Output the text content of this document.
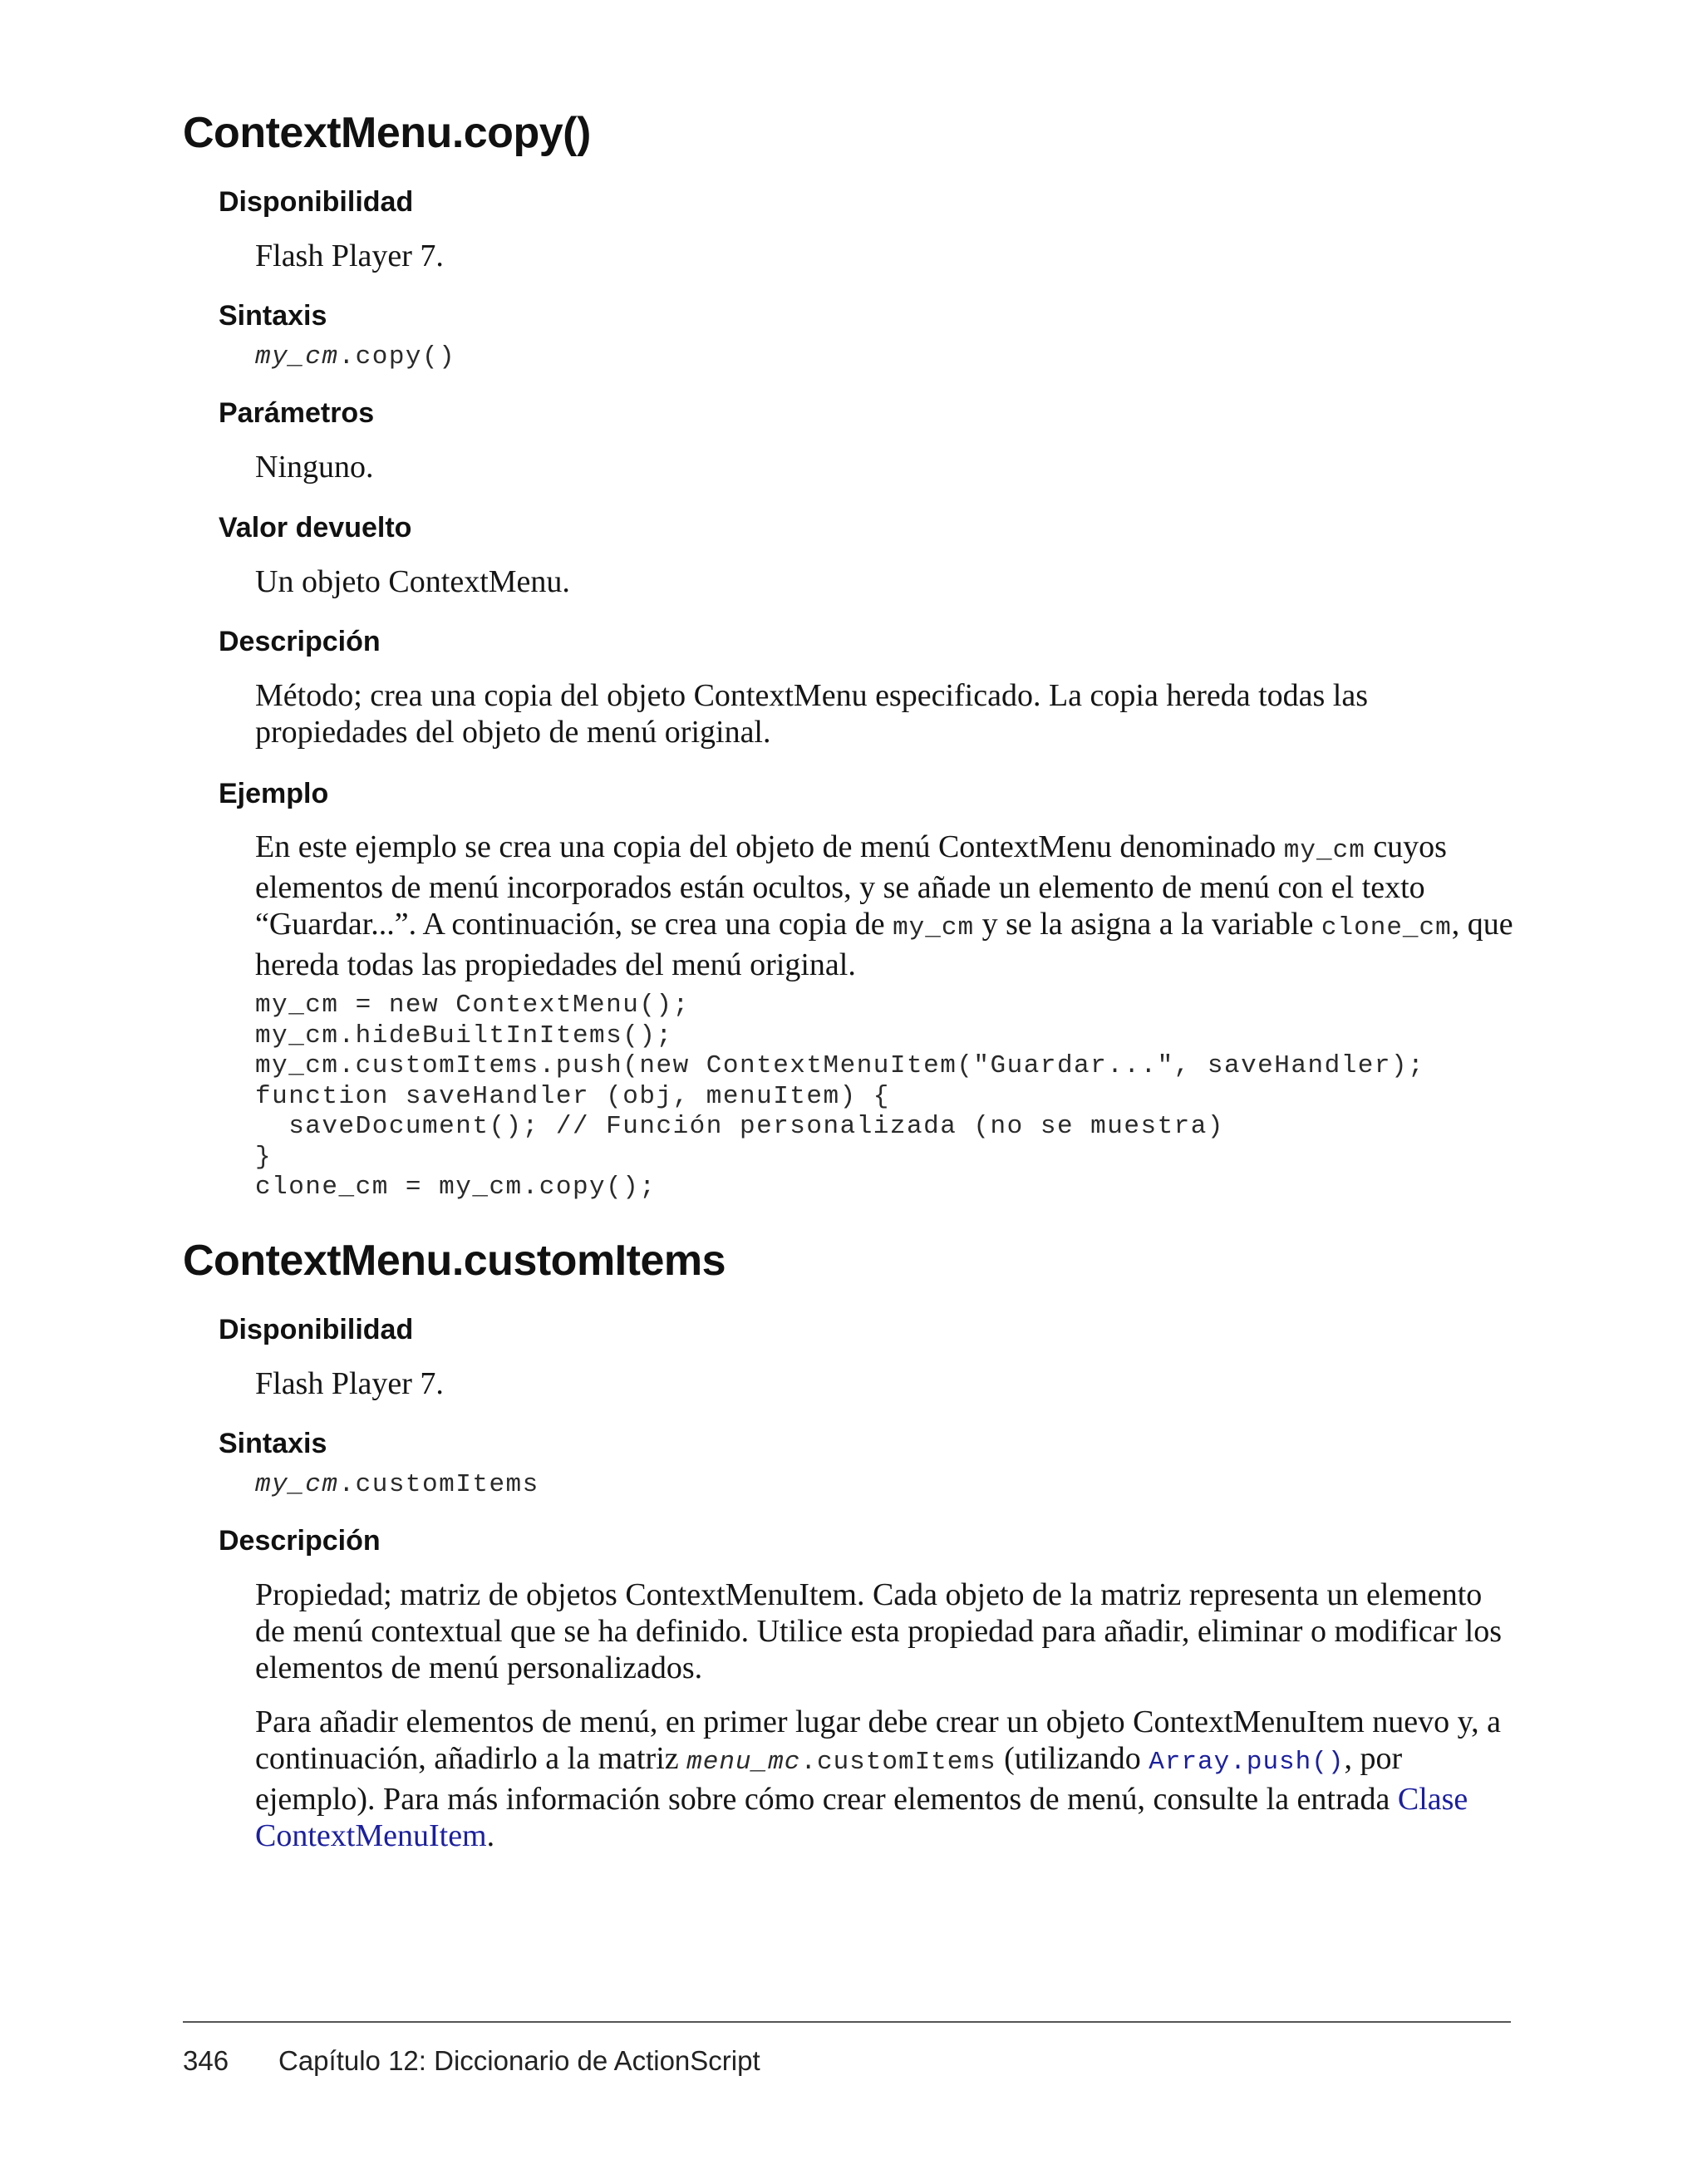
ContextMenu.copy()
Disponibilidad

Flash Player 7.

Sintaxis

my_cm.copy()

Parámetros

Ninguno.

Valor devuelto

Un objeto ContextMenu.

Descripción

Método; crea una copia del objeto ContextMenu especificado. La copia hereda todas las propiedades del objeto de menú original.

Ejemplo

En este ejemplo se crea una copia del objeto de menú ContextMenu denominado my_cm cuyos elementos de menú incorporados están ocultos, y se añade un elemento de menú con el texto “Guardar...”. A continuación, se crea una copia de my_cm y se la asigna a la variable clone_cm, que hereda todas las propiedades del menú original.

my_cm = new ContextMenu();
my_cm.hideBuiltInItems();
my_cm.customItems.push(new ContextMenuItem("Guardar...", saveHandler);
function saveHandler (obj, menuItem) {
saveDocument(); // Función personalizada (no se muestra)
}
clone_cm = my_cm.copy();
ContextMenu.customItems
Disponibilidad

Flash Player 7.

Sintaxis

my_cm.customItems

Descripción

Propiedad; matriz de objetos ContextMenuItem. Cada objeto de la matriz representa un elemento de menú contextual que se ha definido. Utilice esta propiedad para añadir, eliminar o modificar los elementos de menú personalizados.

Para añadir elementos de menú, en primer lugar debe crear un objeto ContextMenuItem nuevo y, a continuación, añadirlo a la matriz menu_mc.customItems (utilizando Array.push(), por ejemplo). Para más información sobre cómo crear elementos de menú, consulte la entrada Clase ContextMenuItem.

346 Capítulo 12: Diccionario de ActionScript
